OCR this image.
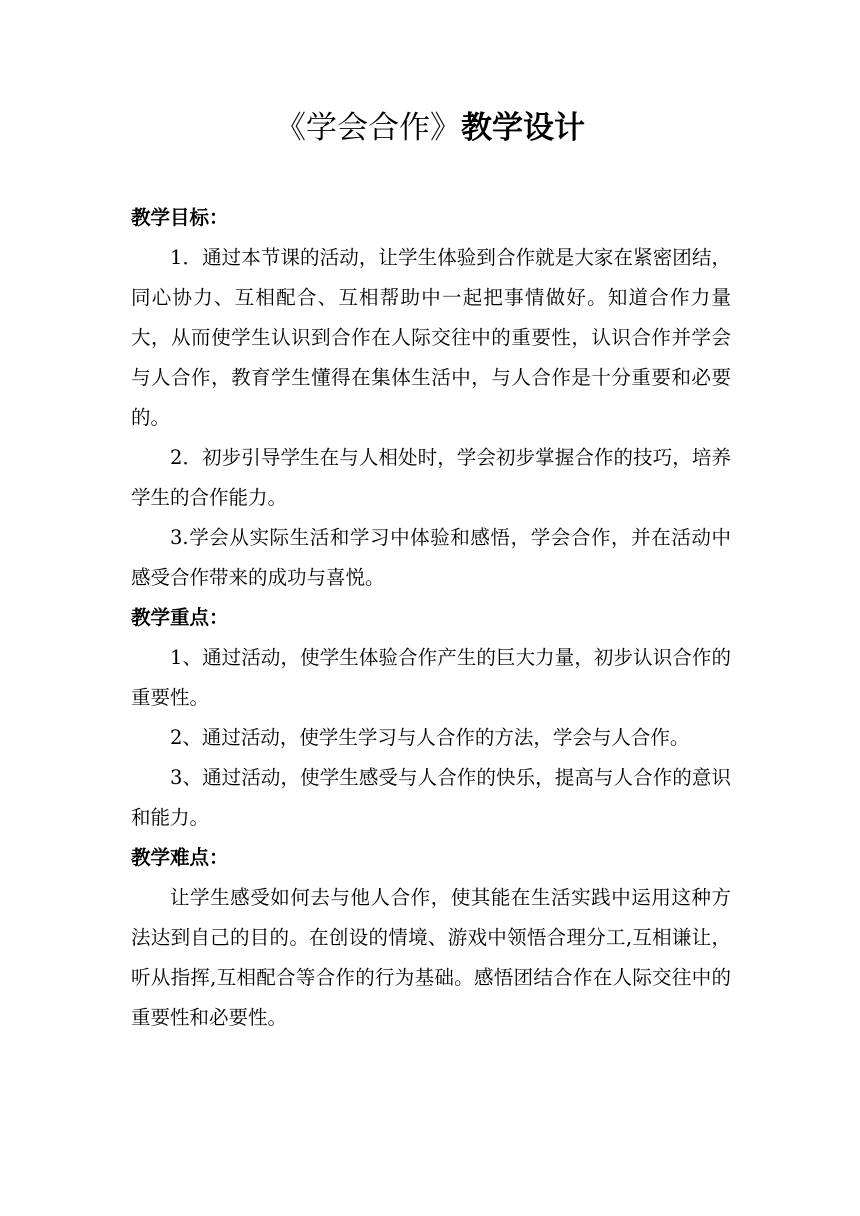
《学会合作》教学设计
教学目标：

1．通过本节课的活动，让学生体验到合作就是大家在紧密团结，同心协力、互相配合、互相帮助中一起把事情做好。知道合作力量大，从而使学生认识到合作在人际交往中的重要性，认识合作并学会与人合作，教育学生懂得在集体生活中，与人合作是十分重要和必要的。

2．初步引导学生在与人相处时，学会初步掌握合作的技巧，培养学生的合作能力。

3.学会从实际生活和学习中体验和感悟，学会合作，并在活动中感受合作带来的成功与喜悦。

教学重点：

1、通过活动，使学生体验合作产生的巨大力量，初步认识合作的重要性。

2、通过活动，使学生学习与人合作的方法，学会与人合作。

3、通过活动，使学生感受与人合作的快乐，提高与人合作的意识和能力。

教学难点：

让学生感受如何去与他人合作，使其能在生活实践中运用这种方法达到自己的目的。在创设的情境、游戏中领悟合理分工,互相谦让，听从指挥,互相配合等合作的行为基础。感悟团结合作在人际交往中的重要性和必要性。
